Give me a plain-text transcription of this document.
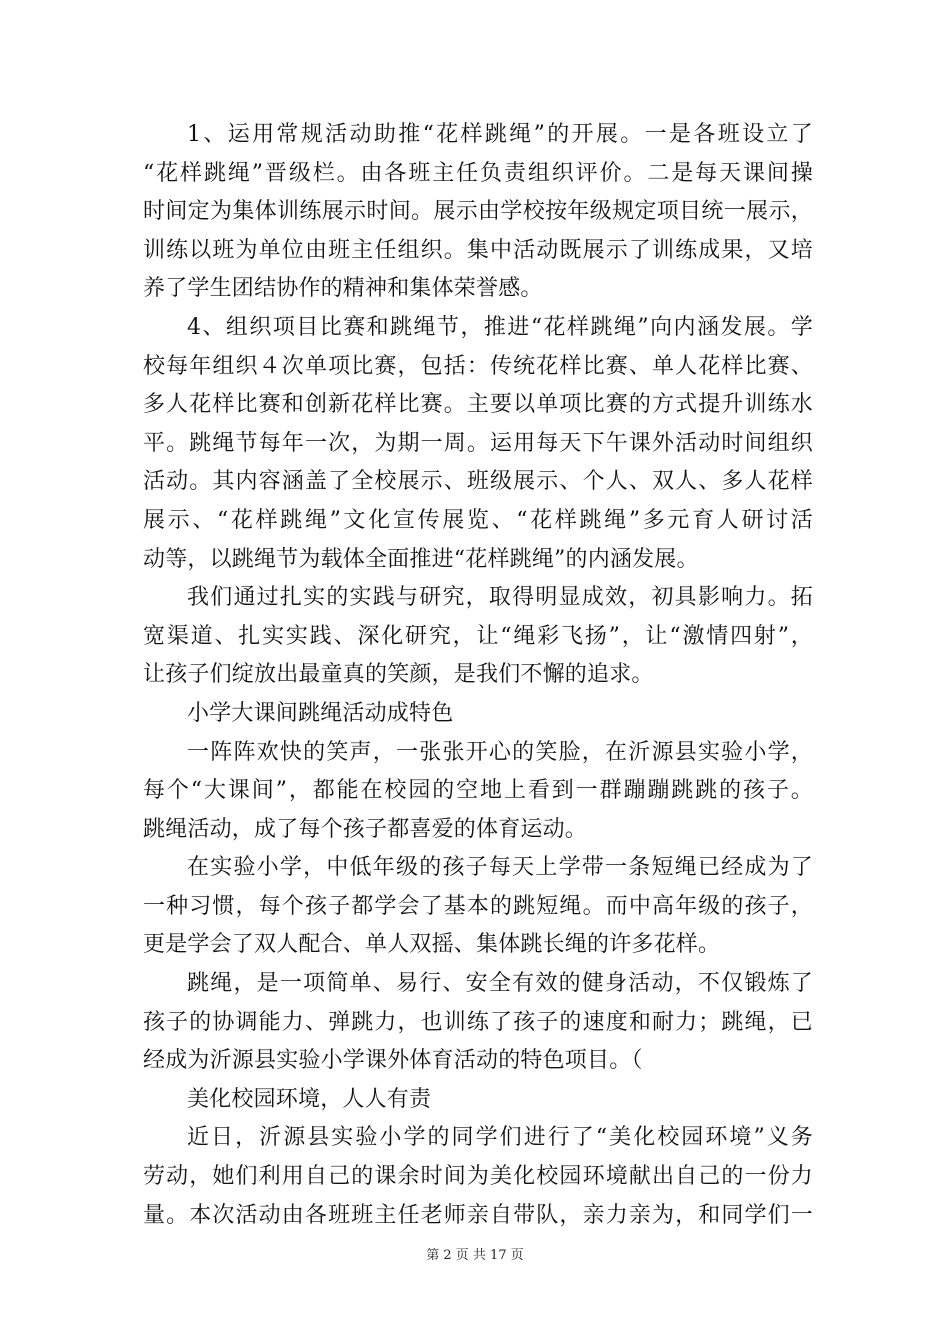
1、运用常规活动助推“花样跳绳”的开展。一是各班设立了
“花样跳绳”晋级栏。由各班主任负责组织评价。二是每天课间操
时间定为集体训练展示时间。展示由学校按年级规定项目统一展示，
训练以班为单位由班主任组织。集中活动既展示了训练成果，又培
养了学生团结协作的精神和集体荣誉感。
4、组织项目比赛和跳绳节，推进“花样跳绳”向内涵发展。学
校每年组织４次单项比赛，包括：传统花样比赛、单人花样比赛、
多人花样比赛和创新花样比赛。主要以单项比赛的方式提升训练水
平。跳绳节每年一次，为期一周。运用每天下午课外活动时间组织
活动。其内容涵盖了全校展示、班级展示、个人、双人、多人花样
展示、“花样跳绳”文化宣传展览、“花样跳绳”多元育人研讨活
动等，以跳绳节为载体全面推进“花样跳绳”的内涵发展。
我们通过扎实的实践与研究，取得明显成效，初具影响力。拓
宽渠道、扎实实践、深化研究，让“绳彩飞扬”，让“激情四射”，
让孩子们绽放出最童真的笑颜，是我们不懈的追求。
小学大课间跳绳活动成特色
一阵阵欢快的笑声，一张张开心的笑脸，在沂源县实验小学，
每个“大课间”，都能在校园的空地上看到一群蹦蹦跳跳的孩子。
跳绳活动，成了每个孩子都喜爱的体育运动。
在实验小学，中低年级的孩子每天上学带一条短绳已经成为了
一种习惯，每个孩子都学会了基本的跳短绳。而中高年级的孩子，
更是学会了双人配合、单人双摇、集体跳长绳的许多花样。
跳绳，是一项简单、易行、安全有效的健身活动，不仅锻炼了
孩子的协调能力、弹跳力，也训练了孩子的速度和耐力；跳绳，已
经成为沂源县实验小学课外体育活动的特色项目。（
美化校园环境，人人有责
近日，沂源县实验小学的同学们进行了“美化校园环境”义务
劳动，她们利用自己的课余时间为美化校园环境献出自己的一份力
量。本次活动由各班班主任老师亲自带队，亲力亲为，和同学们一
第 2 页 共 17 页
